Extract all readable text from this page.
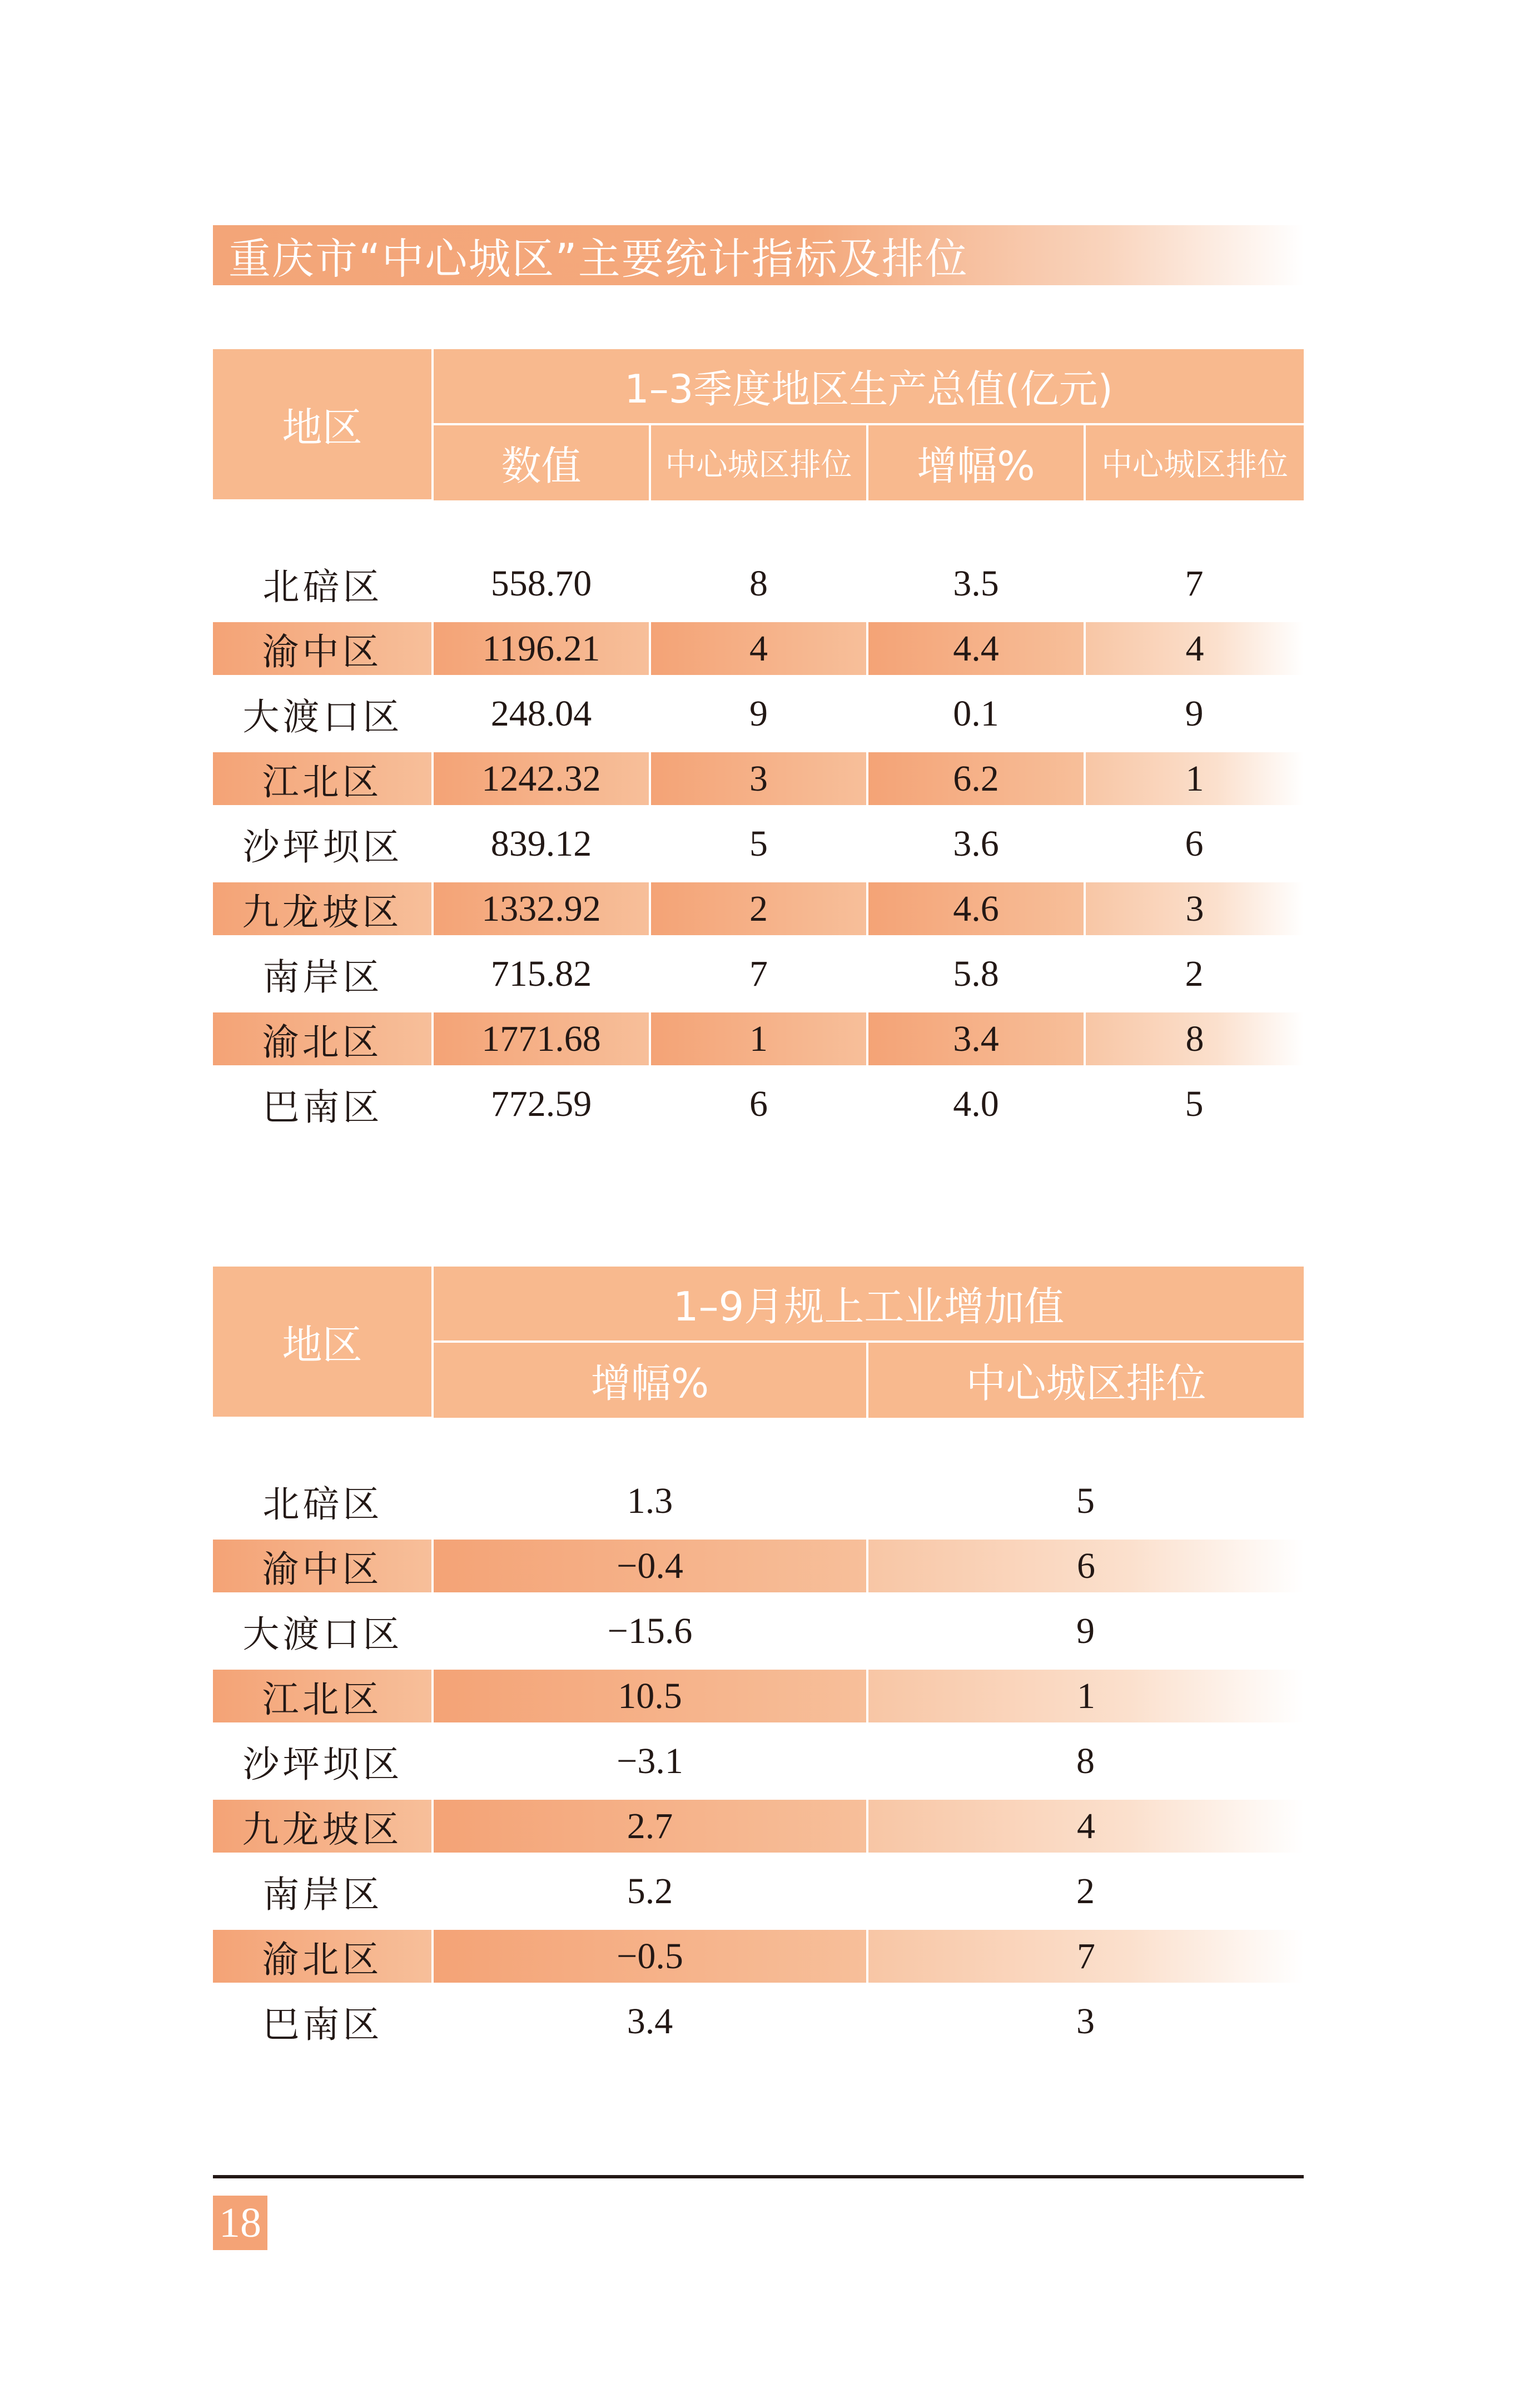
重庆市“中心城区”主要统计指标及排位
地区	1–3季度地区生产总值(亿元)			
	数值	中心城区排位	增幅%	中心城区排位

北碚区	558.70	8	3.5	7
渝中区	1196.21	4	4.4	4
大渡口区	248.04	9	0.1	9
江北区	1242.32	3	6.2	1
沙坪坝区	839.12	5	3.6	6
九龙坡区	1332.92	2	4.6	3
南岸区	715.82	7	5.8	2
渝北区	1771.68	1	3.4	8
巴南区	772.59	6	4.0	5
地区	1–9月规上工业增加值	
	增幅%	中心城区排位

北碚区	1.3	5
渝中区	−0.4	6
大渡口区	−15.6	9
江北区	10.5	1
沙坪坝区	−3.1	8
九龙坡区	2.7	4
南岸区	5.2	2
渝北区	−0.5	7
巴南区	3.4	3
18
